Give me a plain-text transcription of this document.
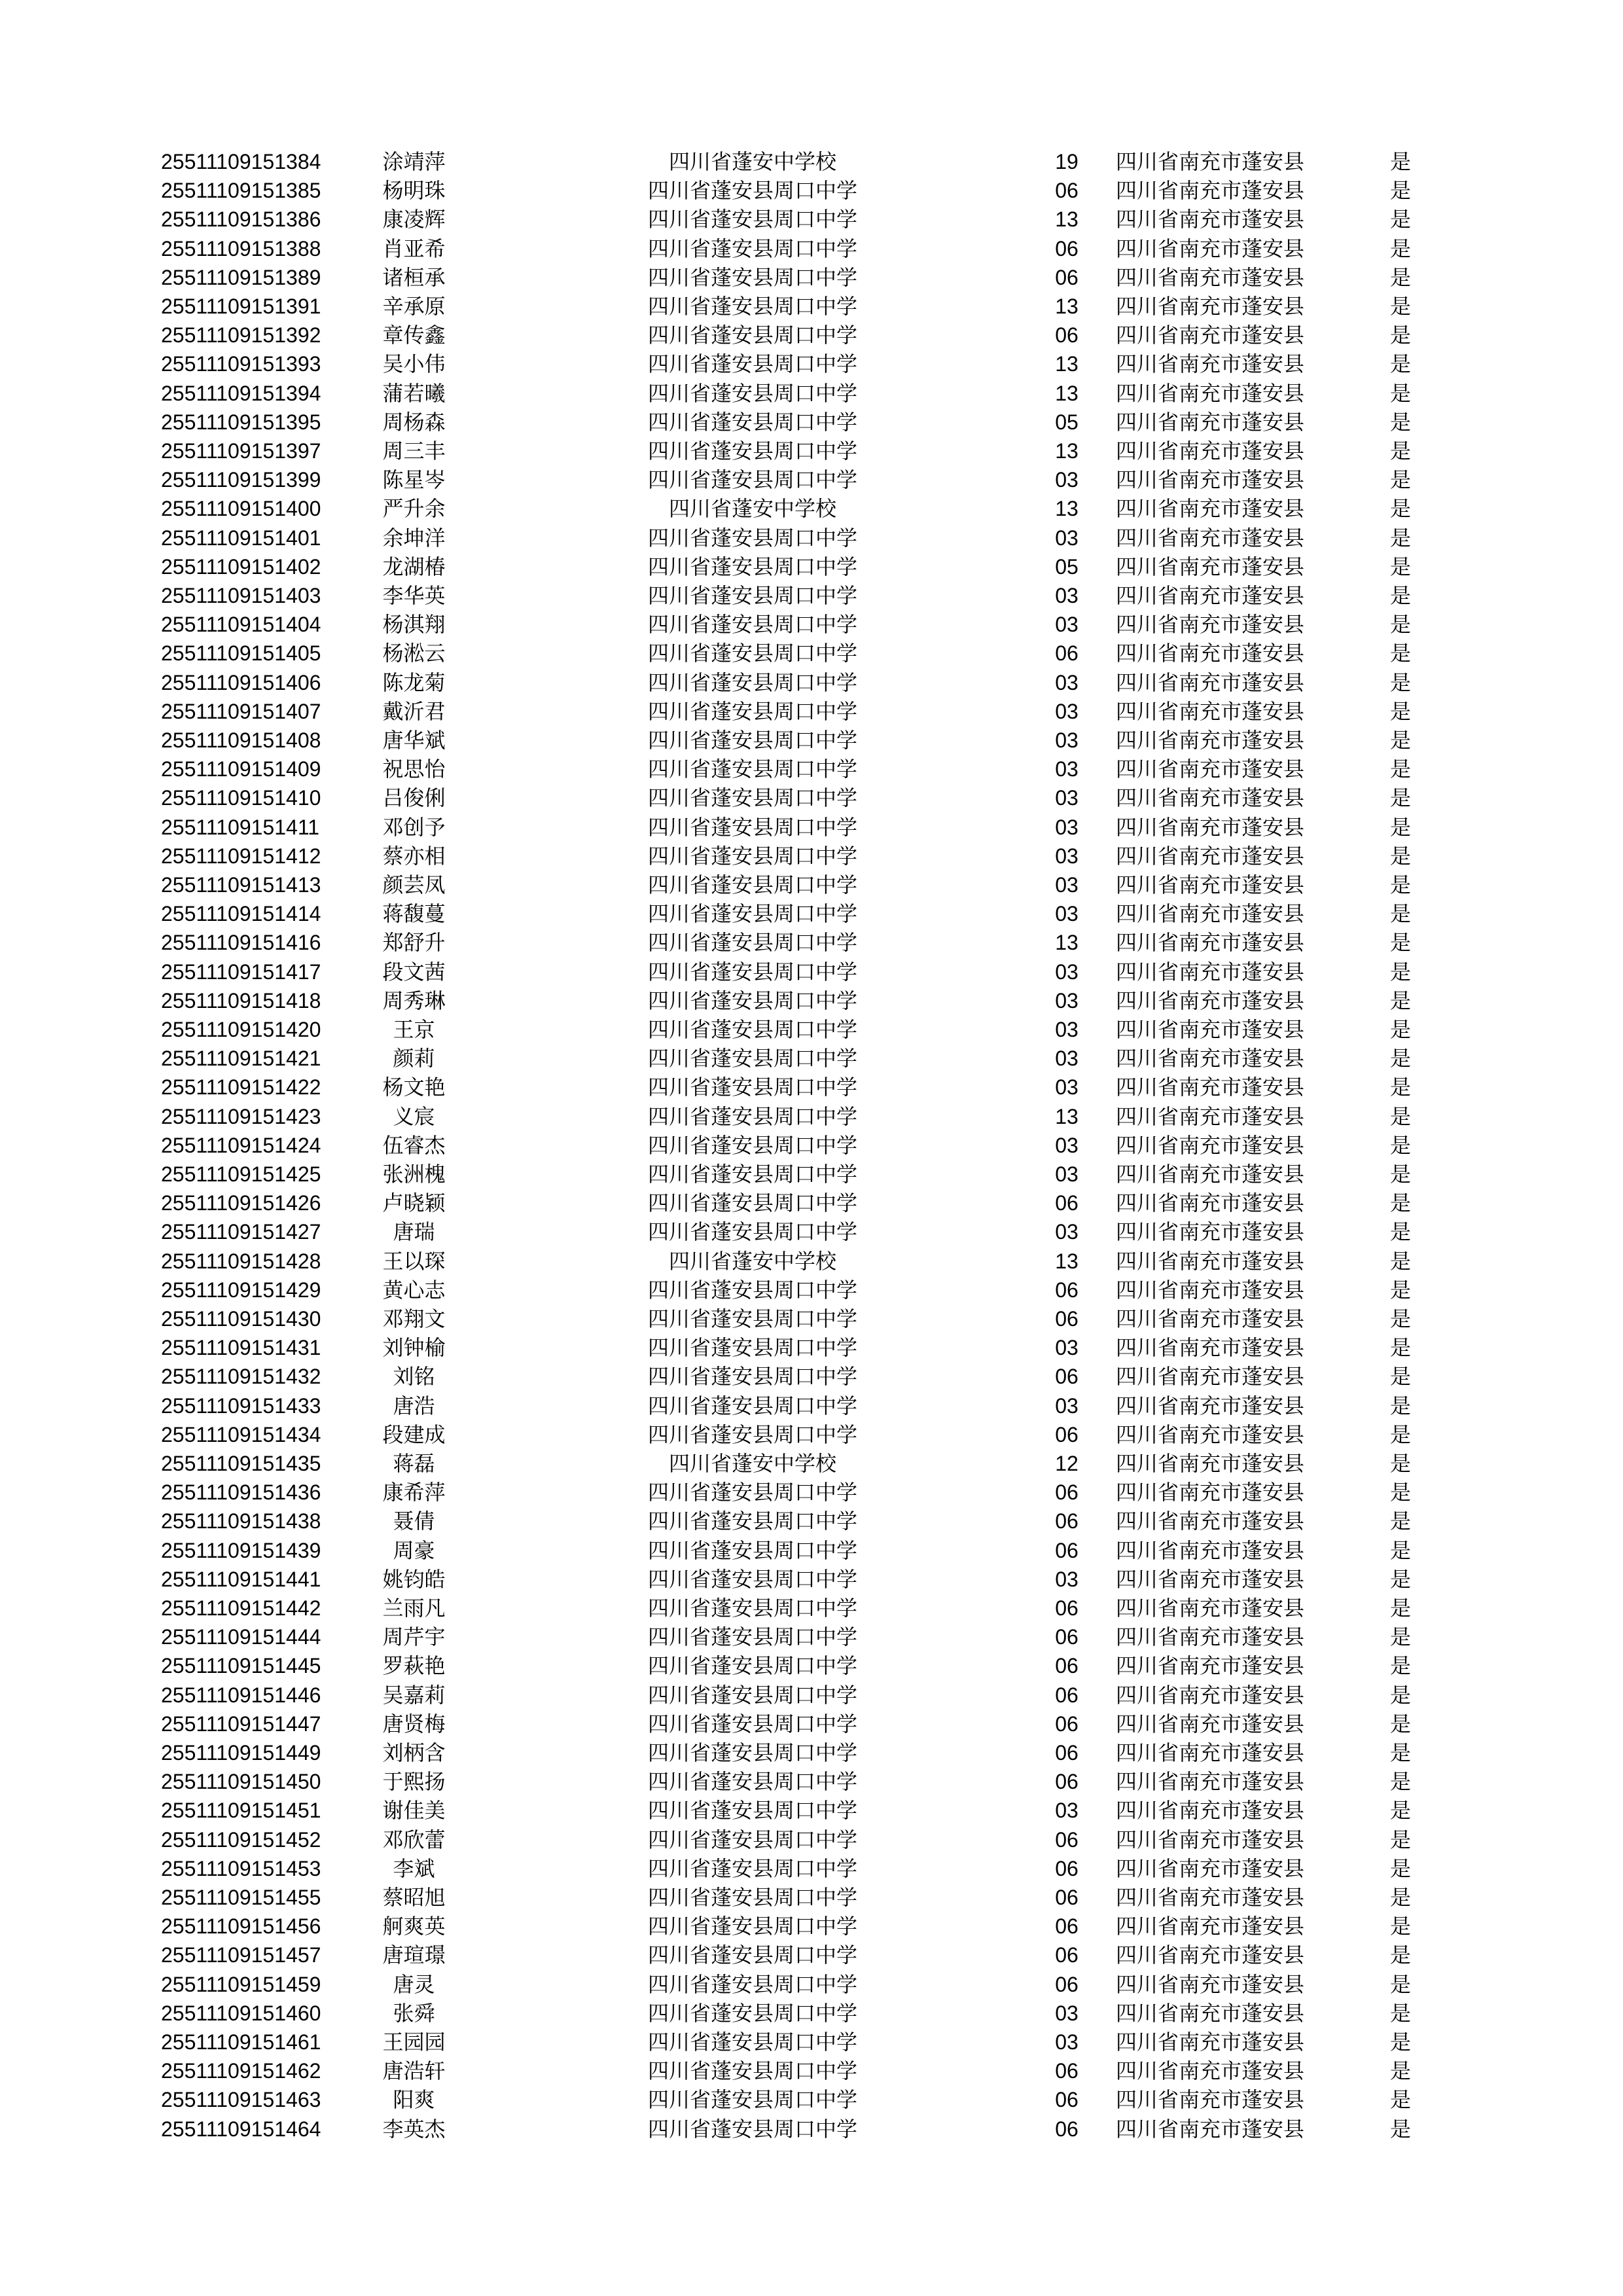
25511109151384	涂靖萍	四川省蓬安中学校	19	四川省南充市蓬安县	是
25511109151385	杨明珠	四川省蓬安县周口中学	06	四川省南充市蓬安县	是
25511109151386	康凌辉	四川省蓬安县周口中学	13	四川省南充市蓬安县	是
25511109151388	肖亚希	四川省蓬安县周口中学	06	四川省南充市蓬安县	是
25511109151389	诸桓承	四川省蓬安县周口中学	06	四川省南充市蓬安县	是
25511109151391	辛承原	四川省蓬安县周口中学	13	四川省南充市蓬安县	是
25511109151392	章传鑫	四川省蓬安县周口中学	06	四川省南充市蓬安县	是
25511109151393	吴小伟	四川省蓬安县周口中学	13	四川省南充市蓬安县	是
25511109151394	蒲若曦	四川省蓬安县周口中学	13	四川省南充市蓬安县	是
25511109151395	周杨森	四川省蓬安县周口中学	05	四川省南充市蓬安县	是
25511109151397	周三丰	四川省蓬安县周口中学	13	四川省南充市蓬安县	是
25511109151399	陈星岑	四川省蓬安县周口中学	03	四川省南充市蓬安县	是
25511109151400	严升余	四川省蓬安中学校	13	四川省南充市蓬安县	是
25511109151401	余坤洋	四川省蓬安县周口中学	03	四川省南充市蓬安县	是
25511109151402	龙湖椿	四川省蓬安县周口中学	05	四川省南充市蓬安县	是
25511109151403	李华英	四川省蓬安县周口中学	03	四川省南充市蓬安县	是
25511109151404	杨淇翔	四川省蓬安县周口中学	03	四川省南充市蓬安县	是
25511109151405	杨淞云	四川省蓬安县周口中学	06	四川省南充市蓬安县	是
25511109151406	陈龙菊	四川省蓬安县周口中学	03	四川省南充市蓬安县	是
25511109151407	戴沂君	四川省蓬安县周口中学	03	四川省南充市蓬安县	是
25511109151408	唐华斌	四川省蓬安县周口中学	03	四川省南充市蓬安县	是
25511109151409	祝思怡	四川省蓬安县周口中学	03	四川省南充市蓬安县	是
25511109151410	吕俊俐	四川省蓬安县周口中学	03	四川省南充市蓬安县	是
25511109151411	邓创予	四川省蓬安县周口中学	03	四川省南充市蓬安县	是
25511109151412	蔡亦相	四川省蓬安县周口中学	03	四川省南充市蓬安县	是
25511109151413	颜芸凤	四川省蓬安县周口中学	03	四川省南充市蓬安县	是
25511109151414	蒋馥蔓	四川省蓬安县周口中学	03	四川省南充市蓬安县	是
25511109151416	郑舒升	四川省蓬安县周口中学	13	四川省南充市蓬安县	是
25511109151417	段文茜	四川省蓬安县周口中学	03	四川省南充市蓬安县	是
25511109151418	周秀琳	四川省蓬安县周口中学	03	四川省南充市蓬安县	是
25511109151420	王京	四川省蓬安县周口中学	03	四川省南充市蓬安县	是
25511109151421	颜莉	四川省蓬安县周口中学	03	四川省南充市蓬安县	是
25511109151422	杨文艳	四川省蓬安县周口中学	03	四川省南充市蓬安县	是
25511109151423	义宸	四川省蓬安县周口中学	13	四川省南充市蓬安县	是
25511109151424	伍睿杰	四川省蓬安县周口中学	03	四川省南充市蓬安县	是
25511109151425	张洲槐	四川省蓬安县周口中学	03	四川省南充市蓬安县	是
25511109151426	卢晓颖	四川省蓬安县周口中学	06	四川省南充市蓬安县	是
25511109151427	唐瑞	四川省蓬安县周口中学	03	四川省南充市蓬安县	是
25511109151428	王以琛	四川省蓬安中学校	13	四川省南充市蓬安县	是
25511109151429	黄心志	四川省蓬安县周口中学	06	四川省南充市蓬安县	是
25511109151430	邓翔文	四川省蓬安县周口中学	06	四川省南充市蓬安县	是
25511109151431	刘钟榆	四川省蓬安县周口中学	03	四川省南充市蓬安县	是
25511109151432	刘铭	四川省蓬安县周口中学	06	四川省南充市蓬安县	是
25511109151433	唐浩	四川省蓬安县周口中学	03	四川省南充市蓬安县	是
25511109151434	段建成	四川省蓬安县周口中学	06	四川省南充市蓬安县	是
25511109151435	蒋磊	四川省蓬安中学校	12	四川省南充市蓬安县	是
25511109151436	康希萍	四川省蓬安县周口中学	06	四川省南充市蓬安县	是
25511109151438	聂倩	四川省蓬安县周口中学	06	四川省南充市蓬安县	是
25511109151439	周豪	四川省蓬安县周口中学	06	四川省南充市蓬安县	是
25511109151441	姚钧皓	四川省蓬安县周口中学	03	四川省南充市蓬安县	是
25511109151442	兰雨凡	四川省蓬安县周口中学	06	四川省南充市蓬安县	是
25511109151444	周芹宇	四川省蓬安县周口中学	06	四川省南充市蓬安县	是
25511109151445	罗萩艳	四川省蓬安县周口中学	06	四川省南充市蓬安县	是
25511109151446	吴嘉莉	四川省蓬安县周口中学	06	四川省南充市蓬安县	是
25511109151447	唐贤梅	四川省蓬安县周口中学	06	四川省南充市蓬安县	是
25511109151449	刘柄含	四川省蓬安县周口中学	06	四川省南充市蓬安县	是
25511109151450	于熙扬	四川省蓬安县周口中学	06	四川省南充市蓬安县	是
25511109151451	谢佳美	四川省蓬安县周口中学	03	四川省南充市蓬安县	是
25511109151452	邓欣蕾	四川省蓬安县周口中学	06	四川省南充市蓬安县	是
25511109151453	李斌	四川省蓬安县周口中学	06	四川省南充市蓬安县	是
25511109151455	蔡昭旭	四川省蓬安县周口中学	06	四川省南充市蓬安县	是
25511109151456	舸爽英	四川省蓬安县周口中学	06	四川省南充市蓬安县	是
25511109151457	唐瑄璟	四川省蓬安县周口中学	06	四川省南充市蓬安县	是
25511109151459	唐灵	四川省蓬安县周口中学	06	四川省南充市蓬安县	是
25511109151460	张舜	四川省蓬安县周口中学	03	四川省南充市蓬安县	是
25511109151461	王园园	四川省蓬安县周口中学	03	四川省南充市蓬安县	是
25511109151462	唐浩轩	四川省蓬安县周口中学	06	四川省南充市蓬安县	是
25511109151463	阳爽	四川省蓬安县周口中学	06	四川省南充市蓬安县	是
25511109151464	李英杰	四川省蓬安县周口中学	06	四川省南充市蓬安县	是
